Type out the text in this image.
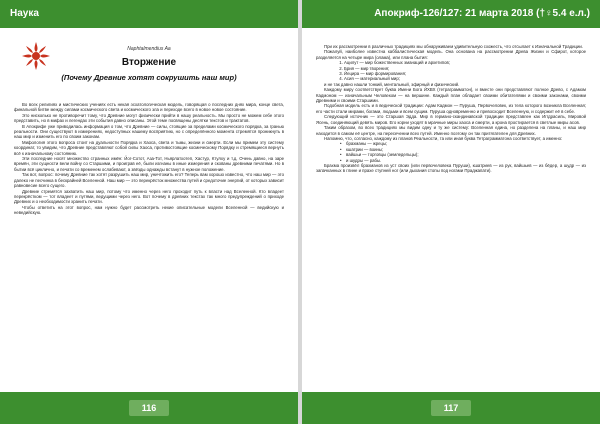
Наука
Naphtalmendius Aa
Вторжение
(Почему Древние хотят сокрушить наш мир)

Во всех религиях и мистических учениях есть некая эсхатологическая модель, говорящая о последних днях мира, конце света, финальной битве между силами космического света и космического зла и переходе всего в новое новое состояние.

Это нисколько не противоречит тому, что Древние могут физически прийти в нашу реальность. Мы просто не можем себе этого представить, но в мифах и легендах эти события давно описаны. Этой теме посвящены десятки текстов и трактатов.

В Апокрифе уже приводилась информация о том, что Древние — силы, стоящие за пределами космического порядка, за гранью реальности. Они существуют в измерениях, недоступных нашему восприятию, но с определённого момента стремятся проникнуть в наш мир и изменить его по своим законам.

Мифология этого вопроса стоит на дуальности Порядка и Хаоса, света и тьмы, жизни и смерти. Если мы примем эту систему координат, то увидим, что Древние представляют собой силы Хаоса, противостоящие космическому Порядку и стремящиеся вернуть всё к изначальному состоянию.

Эти последние носят множество странных имён: Йог-Сотот, Аза-Тот, Ньярлатхотеп, Хастур, Ктулху и т.д. Очень давно, на заре времён, эти сущности вели войну со Старшими, и проиграв её, были изгнаны в иные измерения и скованы древними печатями. Но в бытии всё циклично, и печати со временем ослабевают, а звёзды однажды встанут в нужное положение.

Так вот, вопрос: почему Древние так хотят разрушить наш мир, уничтожить его? Теперь вам хорошо известно, что наш мир — это далеко не песчинка в бескрайней Вселенной. Наш мир — это перекрёсток множества путей и средоточие энергий, от которых зависит равновесие всего сущего.

Древние стремятся захватить наш мир, потому что именно через него проходит путь к власти над Вселенной. Кто владеет перекрёстком — тот владеет и путями, ведущими через него. Вот почему в древних текстах так много предупреждений о приходе Древних и о необходимости хранить печати.

Чтобы ответить на этот вопрос, нам нужно будет рассмотреть некие описательные модели Вселенной — ведийскую и неведийскую.

116
Апокриф-126/127: 21 марта 2018 (†♀5.4 е.л.)

При их рассмотрении в различных традициях мы обнаруживаем удивительную схожесть, что отсылает к Изначальной Традиции.

Пожалуй, наиболее известна каббалистическая модель. Она основана на рассмотрении Древа Жизни и Сфирот, которое разделяется на четыре мира (олама), или плана бытия:

1. Ацилут — мир божественных эманаций и архетипов;
2. Брия — мир творения;
3. Йецира — мир формирования;
4. Асия — материальный мир;

и не так давно нашли тонкий, ментальный, эфирный и физический.

Каждому миру соответствует буква Имени Бога ЙХВХ (тетраграмматон), и вместе они представляют полное Древо, с Адамом Кадмоном — изначальным Человеком — на вершине. Каждый план обладает своими обитателями и своими законами, своими Древними и своими Старшими.

Подобная модель есть и в ведической традиции: Адам Кадмон — Пуруша, Первочеловек, из тела которого возникла Вселенная; его части стали мирами, богами, людьми и всем сущим. Пуруша одновременно и превосходит Вселенную, и содержит её в себе.

Следующий источник — это Старшая Эдда. Мир в германо-скандинавской традиции представлен как Иггдрасиль, Мировой Ясень, соединяющий девять миров. Его корни уходят в мрачные миры хаоса и смерти, а крона простирается в светлые миры асов.

Таким образом, во всех традициях мы видим одну и ту же систему: Вселенная едина, но разделена на планы, и наш мир находится в самом её центре, на пересечении всех путей. Именно поэтому он так притягателен для Древних.

Напомню, что, согласно, каждому из планов Реальности, та или иная буква Тетраграмматона соответствует, а именно:

• брахманы — жрецы;
• кшатрии — воины;
• вайшьи — торговцы (земледельцы);
• и шудры — рабы.

Брахма произвёл брахманов из уст своих (или первочеловека Пуруши), кшатриев — из рук, вайшьев — из бёдер, а шудр — из запачканных в глине и прахе ступней ног (или дыхания стопы под ногами Праджапати).

117
